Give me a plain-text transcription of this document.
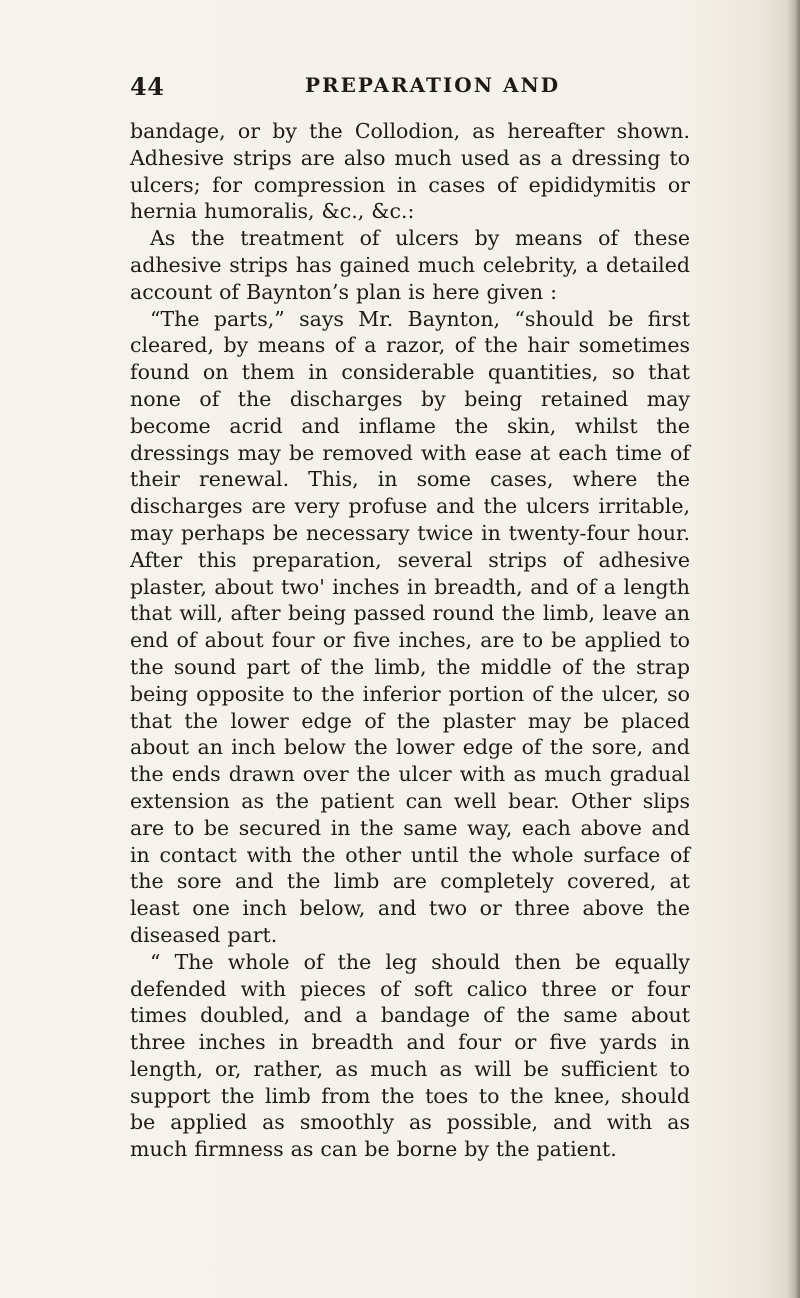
44	PREPARATION AND

bandage, or by the Collodion, as hereafter shown. Adhesive strips are also much used as a dressing to ulcers; for compression in cases of epididymitis or hernia humoralis, &c., &c.:

As the treatment of ulcers by means of these adhesive strips has gained much celebrity, a detailed account of Baynton’s plan is here given :

“The parts,” says Mr. Baynton, “should be first cleared, by means of a razor, of the hair sometimes found on them in considerable quantities, so that none of the discharges by being retained may become acrid and inflame the skin, whilst the dressings may be removed with ease at each time of their renewal. This, in some cases, where the discharges are very profuse and the ulcers irritable, may perhaps be necessary twice in twenty-four hour. After this preparation, several strips of adhesive plaster, about two' inches in breadth, and of a length that will, after being passed round the limb, leave an end of about four or five inches, are to be applied to the sound part of the limb, the middle of the strap being opposite to the inferior portion of the ulcer, so that the lower edge of the plaster may be placed about an inch below the lower edge of the sore, and the ends drawn over the ulcer with as much gradual extension as the patient can well bear. Other slips are to be secured in the same way, each above and in contact with the other until the whole surface of the sore and the limb are completely covered, at least one inch below, and two or three above the diseased part.

“ The whole of the leg should then be equally defended with pieces of soft calico three or four times doubled, and a bandage of the same about three inches in breadth and four or five yards in length, or, rather, as much as will be sufficient to support the limb from the toes to the knee, should be applied as smoothly as possible, and with as much firmness as can be borne by the patient.
